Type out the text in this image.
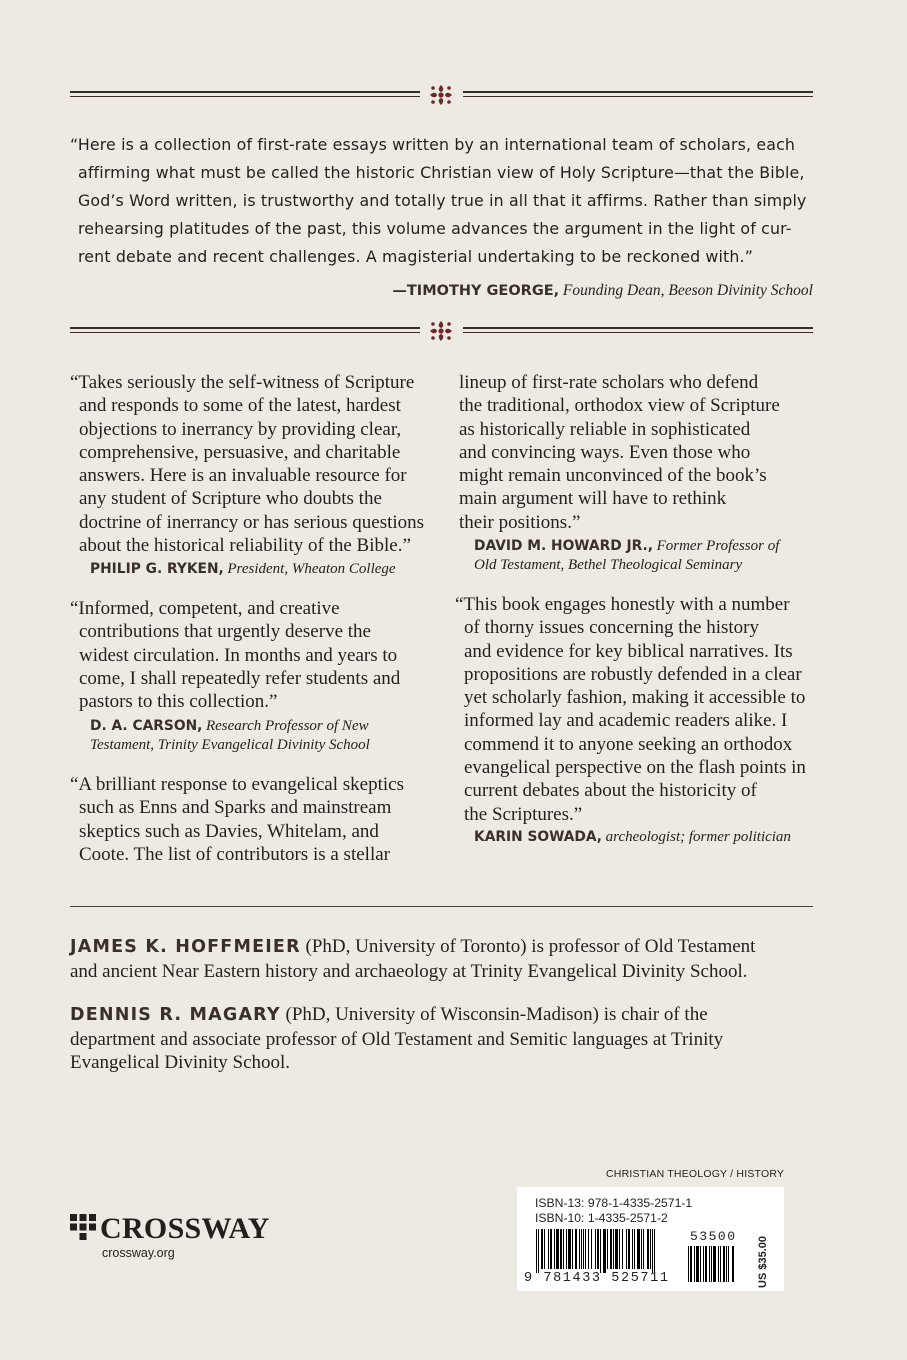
“Here is a collection of first-rate essays written by an international team of scholars, each
affirming what must be called the historic Christian view of Holy Scripture—that the Bible,
God’s Word written, is trustworthy and totally true in all that it affirms. Rather than simply
rehearsing platitudes of the past, this volume advances the argument in the light of cur-
rent debate and recent challenges. A magisterial undertaking to be reckoned with.”
—TIMOTHY GEORGE, Founding Dean, Beeson Divinity School
“Takes seriously the self-witness of Scripture
and responds to some of the latest, hardest
objections to inerrancy by providing clear,
comprehensive, persuasive, and charitable
answers. Here is an invaluable resource for
any student of Scripture who doubts the
doctrine of inerrancy or has serious questions
about the historical reliability of the Bible.”
PHILIP G. RYKEN, President, Wheaton College
“Informed, competent, and creative
contributions that urgently deserve the
widest circulation. In months and years to
come, I shall repeatedly refer students and
pastors to this collection.”
D. A. CARSON, Research Professor of New
Testament, Trinity Evangelical Divinity School
“A brilliant response to evangelical skeptics
such as Enns and Sparks and mainstream
skeptics such as Davies, Whitelam, and
Coote. The list of contributors is a stellar
lineup of first-rate scholars who defend
the traditional, orthodox view of Scripture
as historically reliable in sophisticated
and convincing ways. Even those who
might remain unconvinced of the book’s
main argument will have to rethink
their positions.”
DAVID M. HOWARD JR., Former Professor of
Old Testament, Bethel Theological Seminary
“This book engages honestly with a number
of thorny issues concerning the history
and evidence for key biblical narratives. Its
propositions are robustly defended in a clear
yet scholarly fashion, making it accessible to
informed lay and academic readers alike. I
commend it to anyone seeking an orthodox
evangelical perspective on the flash points in
current debates about the historicity of
the Scriptures.”
KARIN SOWADA, archeologist; former politician
JAMES K. HOFFMEIER (PhD, University of Toronto) is professor of Old Testament
and ancient Near Eastern history and archaeology at Trinity Evangelical Divinity School.
DENNIS R. MAGARY (PhD, University of Wisconsin-Madison) is chair of the
department and associate professor of Old Testament and Semitic languages at Trinity
Evangelical Divinity School.
CHRISTIAN THEOLOGY / HISTORY
CROSSWAY
crossway.org
ISBN-13: 978-1-4335-2571-1
ISBN-10: 1-4335-2571-2
9 781433 525711
53500 US $35.00
